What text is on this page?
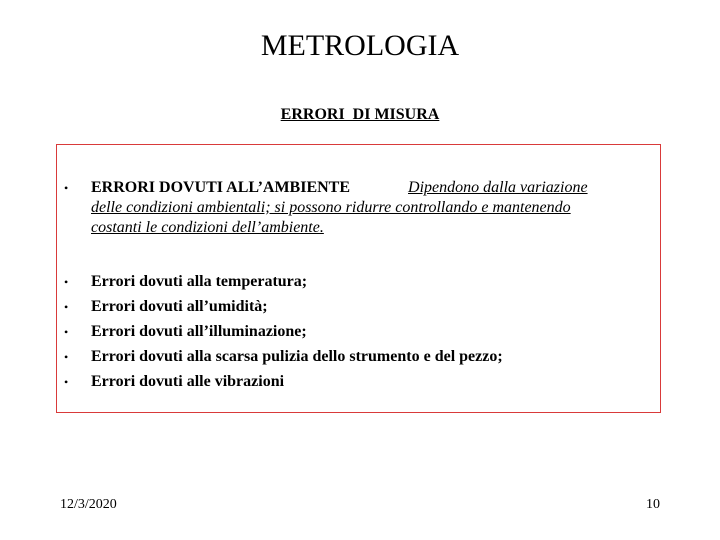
METROLOGIA
ERRORI  DI MISURA
• ERRORI DOVUTI ALL’AMBIENTE	Dipendono dalla variazione
delle condizioni ambientali; si possono ridurre controllando e mantenendo
costanti le condizioni dell’ambiente.
• Errori dovuti alla temperatura;
• Errori dovuti all’umidità;
• Errori dovuti all’illuminazione;
• Errori dovuti alla scarsa pulizia dello strumento e del pezzo;
• Errori dovuti alle vibrazioni
12/3/2020	10
